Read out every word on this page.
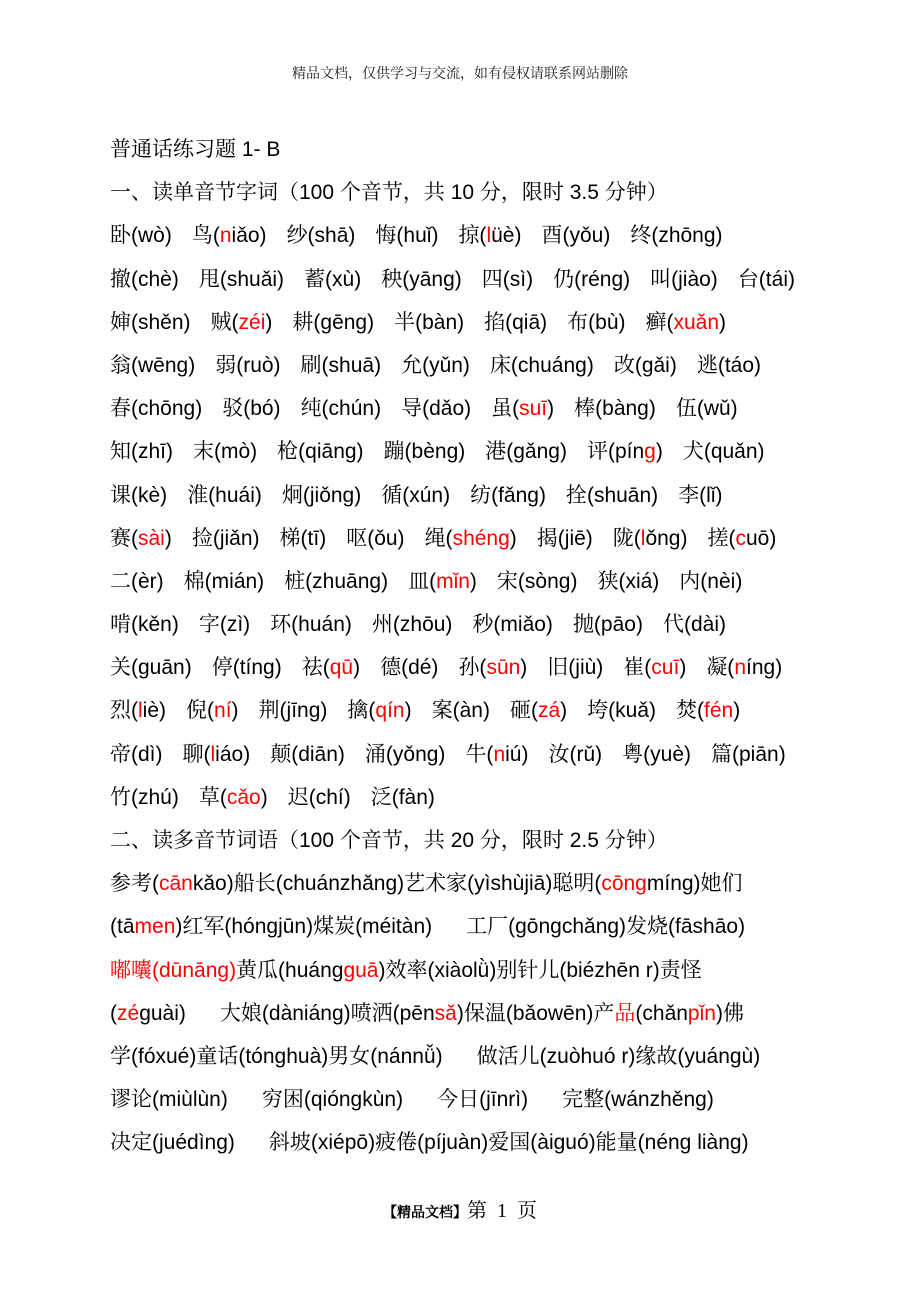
精品文档，仅供学习与交流，如有侵权请联系网站删除
普通话练习题 1- B
一、读单音节字词（100 个音节，共 10 分，限时 3.5 分钟）
卧(wò) 鸟(niǎo) 纱(shā) 悔(huǐ) 掠(lüè) 酉(yǒu) 终(zhōng)
撤(chè) 甩(shuǎi) 蓄(xù) 秧(yāng) 四(sì) 仍(réng) 叫(jiào) 台(tái)
婶(shěn) 贼(zéi) 耕(gēng) 半(bàn) 掐(qiā) 布(bù) 癣(xuǎn)
翁(wēng) 弱(ruò) 刷(shuā) 允(yǔn) 床(chuáng) 改(gǎi) 逃(táo)
春(chōng) 驳(bó) 纯(chún) 导(dǎo) 虽(suī) 棒(bàng) 伍(wǔ)
知(zhī) 末(mò) 枪(qiāng) 蹦(bèng) 港(gǎng) 评(píng) 犬(quǎn)
课(kè) 淮(huái) 炯(jiǒng) 循(xún) 纺(fǎng) 拴(shuān) 李(lǐ)
赛(sài) 捡(jiǎn) 梯(tī) 呕(ǒu) 绳(shéng) 揭(jiē) 陇(lǒng) 搓(cuō)
二(èr) 棉(mián) 桩(zhuāng) 皿(mǐn) 宋(sòng) 狭(xiá) 内(nèi)
啃(kěn) 字(zì) 环(huán) 州(zhōu) 秒(miǎo) 抛(pāo) 代(dài)
关(guān) 停(tíng) 祛(qū) 德(dé) 孙(sūn) 旧(jiù) 崔(cuī) 凝(níng)
烈(liè) 倪(ní) 荆(jīng) 擒(qín) 案(àn) 砸(zá) 垮(kuǎ) 焚(fén)
帝(dì) 聊(liáo) 颠(diān) 涌(yǒng) 牛(niú) 汝(rǔ) 粤(yuè) 篇(piān)
竹(zhú) 草(cǎo) 迟(chí) 泛(fàn)
二、读多音节词语（100 个音节，共 20 分，限时 2.5 分钟）
参考(cānkǎo)船长(chuánzhǎng)艺术家(yìshùjiā)聪明(cōngmíng)她们
(tāmen)红军(hóngjūn)煤炭(méitàn) 工厂(gōngchǎng)发烧(fāshāo)
嘟囔(dūnāng)黄瓜(huángguā)效率(xiàolǜ)别针儿(biézhēn r)责怪
(zéguài) 大娘(dàniáng)喷洒(pēnsǎ)保温(bǎowēn)产品(chǎnpǐn)佛
学(fóxué)童话(tónghuà)男女(nánnǚ) 做活儿(zuòhuó r)缘故(yuángù)
谬论(miùlùn) 穷困(qióngkùn) 今日(jīnrì) 完整(wánzhěng)
决定(juédìng) 斜坡(xiépō)疲倦(píjuàn)爱国(àiguó)能量(néng liàng)
【精品文档】第  1  页
